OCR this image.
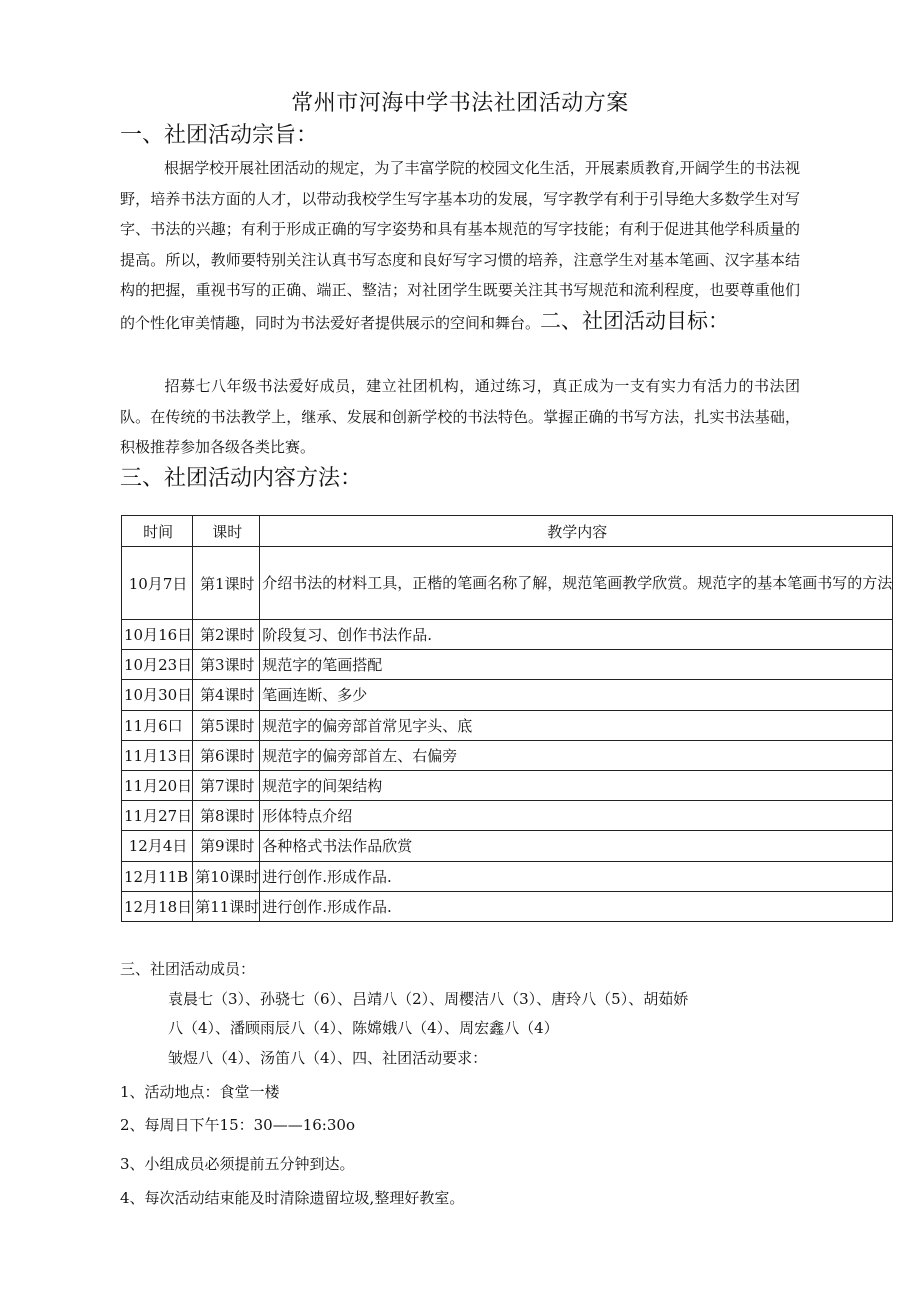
常州市河海中学书法社团活动方案
一、社团活动宗旨：
根据学校开展社团活动的规定，为了丰富学院的校园文化生活，开展素质教育,开阔学生的书法视野，培养书法方面的人才，以带动我校学生写字基本功的发展，写字教学有利于引导绝大多数学生对写字、书法的兴趣；有利于形成正确的写字姿势和具有基本规范的写字技能；有利于促进其他学科质量的提高。所以，教师要特别关注认真书写态度和良好写字习惯的培养，注意学生对基本笔画、汉字基本结构的把握，重视书写的正确、端正、整洁；对社团学生既要关注其书写规范和流利程度，也要尊重他们的个性化审美情趣，同时为书法爱好者提供展示的空间和舞台。二、社团活动目标：
招募七八年级书法爱好成员，建立社团机构，通过练习，真正成为一支有实力有活力的书法团队。在传统的书法教学上，继承、发展和创新学校的书法特色。掌握正确的书写方法，扎实书法基础，积极推荐参加各级各类比赛。
三、社团活动内容方法：
时间	课时	教学内容
10月7日	第1课时	介绍书法的材料工具，正楷的笔画名称了解，规范笔画教学欣赏。规范字的基本笔画书写的方法
10月16日	第2课时	阶段复习、创作书法作品.
10月23日	第3课时	规范字的笔画搭配
10月30日	第4课时	笔画连断、多少
11月6口	第5课时	规范字的偏旁部首常见字头、底
11月13日	第6课时	规范字的偏旁部首左、右偏旁
11月20日	第7课时	规范字的间架结构
11月27日	第8课时	形体特点介绍
12月4日	第9课时	各种格式书法作品欣赏
12月11B	第10课时	进行创作.形成作品.
12月18日	第11课时	进行创作.形成作品.
三、社团活动成员：
袁晨七（3）、孙骁七（6）、吕靖八（2）、周樱洁八（3）、唐玲八（5）、胡茹娇
八（4）、潘顾雨辰八（4）、陈嫦娥八（4）、周宏鑫八（4）
皱煜八（4）、汤笛八（4）、四、社团活动要求：
1、活动地点：食堂一楼
2、每周日下午15：30——16:30o
3、小组成员必须提前五分钟到达。
4、每次活动结束能及时清除遗留垃圾,整理好教室。
